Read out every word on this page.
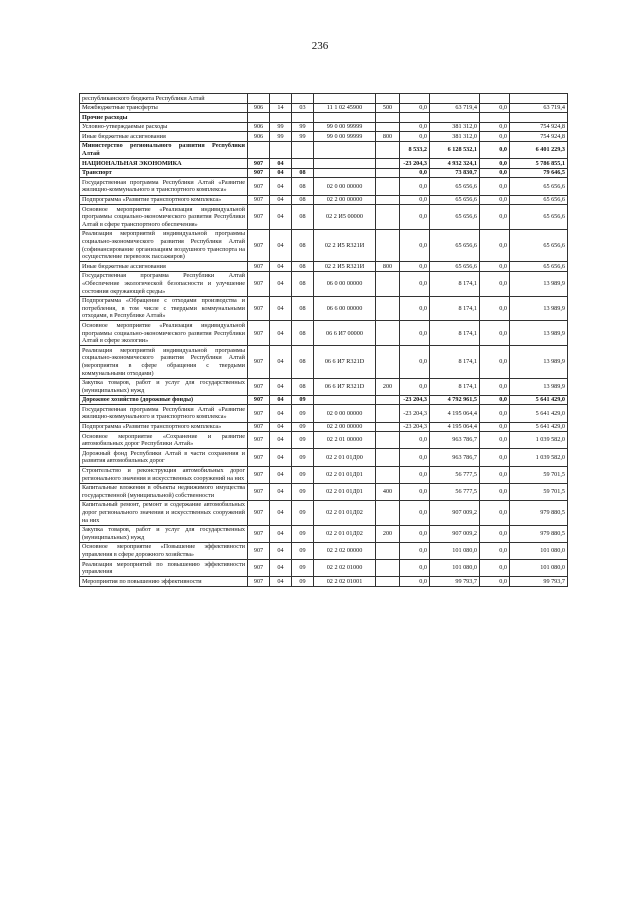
236
республиканского бюджета Республики Алтай									
Межбюджетные трансферты	906	14	03	11 1 02 45900	500	0,0	63 719,4	0,0	63 719,4
Прочие расходы									
Условно-утверждаемые расходы	906	99	99	99 0 00 99999		0,0	381 312,0	0,0	754 924,8
Иные бюджетные ассигнования	906	99	99	99 0 00 99999	800	0,0	381 312,0	0,0	754 924,8
Министерство регионального развития Республики Алтай						8 533,2	6 128 532,1	0,0	6 401 229,3
НАЦИОНАЛЬНАЯ ЭКОНОМИКА	907	04				-23 204,3	4 932 324,1	0,0	5 786 855,1
Транспорт	907	04	08			0,0	73 830,7	0,0	79 646,5
Государственная программа Республики Алтай «Развитие жилищно-коммунального и транспортного комплекса»	907	04	08	02 0 00 00000		0,0	65 656,6	0,0	65 656,6
Подпрограмма «Развитие транспортного комплекса»	907	04	08	02 2 00 00000		0,0	65 656,6	0,0	65 656,6
Основное мероприятие «Реализация индивидуальной программы социально-экономического развития Республики Алтай в сфере транспортного обеспечения»	907	04	08	02 2 И5 00000		0,0	65 656,6	0,0	65 656,6
Реализация мероприятий индивидуальной программы социально-экономического развития Республики Алтай (софинансирование организациям воздушного транспорта на осуществление перевозок пассажиров)	907	04	08	02 2 И5 R321И		0,0	65 656,6	0,0	65 656,6
Иные бюджетные ассигнования	907	04	08	02 2 И5 R321И	800	0,0	65 656,6	0,0	65 656,6
Государственная программа Республики Алтай «Обеспечение экологической безопасности и улучшение состояния окружающей среды»	907	04	08	06 0 00 00000		0,0	8 174,1	0,0	13 989,9
Подпрограмма «Обращение с отходами производства и потребления, в том числе с твердыми коммунальными отходами, в Республике Алтай»	907	04	08	06 6 00 00000		0,0	8 174,1	0,0	13 989,9
Основное мероприятие «Реализация индивидуальной программы социально-экономического развития Республики Алтай в сфере экологии»	907	04	08	06 6 И7 00000		0,0	8 174,1	0,0	13 989,9
Реализация мероприятий индивидуальной программы социально-экономического развития Республики Алтай (мероприятия в сфере обращения с твердыми коммунальными отходами)	907	04	08	06 6 И7 R321D		0,0	8 174,1	0,0	13 989,9
Закупка товаров, работ и услуг для государственных (муниципальных) нужд	907	04	08	06 6 И7 R321D	200	0,0	8 174,1	0,0	13 989,9
Дорожное хозяйство (дорожные фонды)	907	04	09			-23 204,3	4 792 961,5	0,0	5 641 429,0
Государственная программа Республики Алтай «Развитие жилищно-коммунального и транспортного комплекса»	907	04	09	02 0 00 00000		-23 204,3	4 195 064,4	0,0	5 641 429,0
Подпрограмма «Развитие транспортного комплекса»	907	04	09	02 2 00 00000		-23 204,3	4 195 064,4	0,0	5 641 429,0
Основное мероприятие «Сохранение и развитие автомобильных дорог Республики Алтай»	907	04	09	02 2 01 00000		0,0	963 786,7	0,0	1 039 582,0
Дорожный фонд Республики Алтай в части сохранения и развития автомобильных дорог	907	04	09	02 2 01 01Д00		0,0	963 786,7	0,0	1 039 582,0
Строительство и реконструкция автомобильных дорог регионального значения и искусственных сооружений на них	907	04	09	02 2 01 01Д01		0,0	56 777,5	0,0	59 701,5
Капитальные вложения в объекты недвижимого имущества государственной (муниципальной) собственности	907	04	09	02 2 01 01Д01	400	0,0	56 777,5	0,0	59 701,5
Капитальный ремонт, ремонт и содержание автомобильных дорог регионального значения и искусственных сооружений на них	907	04	09	02 2 01 01Д02		0,0	907 009,2	0,0	979 880,5
Закупка товаров, работ и услуг для государственных (муниципальных) нужд	907	04	09	02 2 01 01Д02	200	0,0	907 009,2	0,0	979 880,5
Основное мероприятие «Повышение эффективности управления в сфере дорожного хозяйства»	907	04	09	02 2 02 00000		0,0	101 080,0	0,0	101 080,0
Реализация мероприятий по повышению эффективности управления	907	04	09	02 2 02 01000		0,0	101 080,0	0,0	101 080,0
Мероприятия по повышению эффективности	907	04	09	02 2 02 01001		0,0	99 793,7	0,0	99 793,7
